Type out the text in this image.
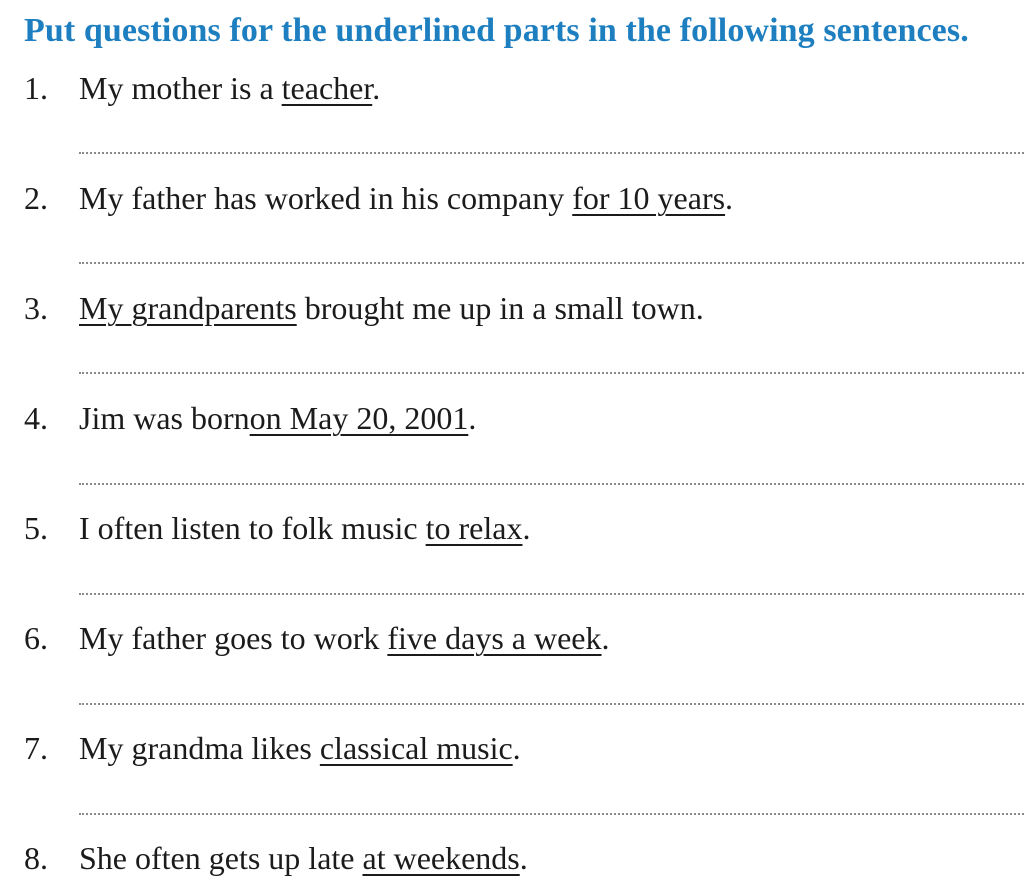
Put questions for the underlined parts in the following sentences.
1. My mother is a teacher.
2. My father has worked in his company for 10 years.
3. My grandparents brought me up in a small town.
4. Jim was bornon May 20, 2001.
5. I often listen to folk music to relax.
6. My father goes to work five days a week.
7. My grandma likes classical music.
8. She often gets up late at weekends.
